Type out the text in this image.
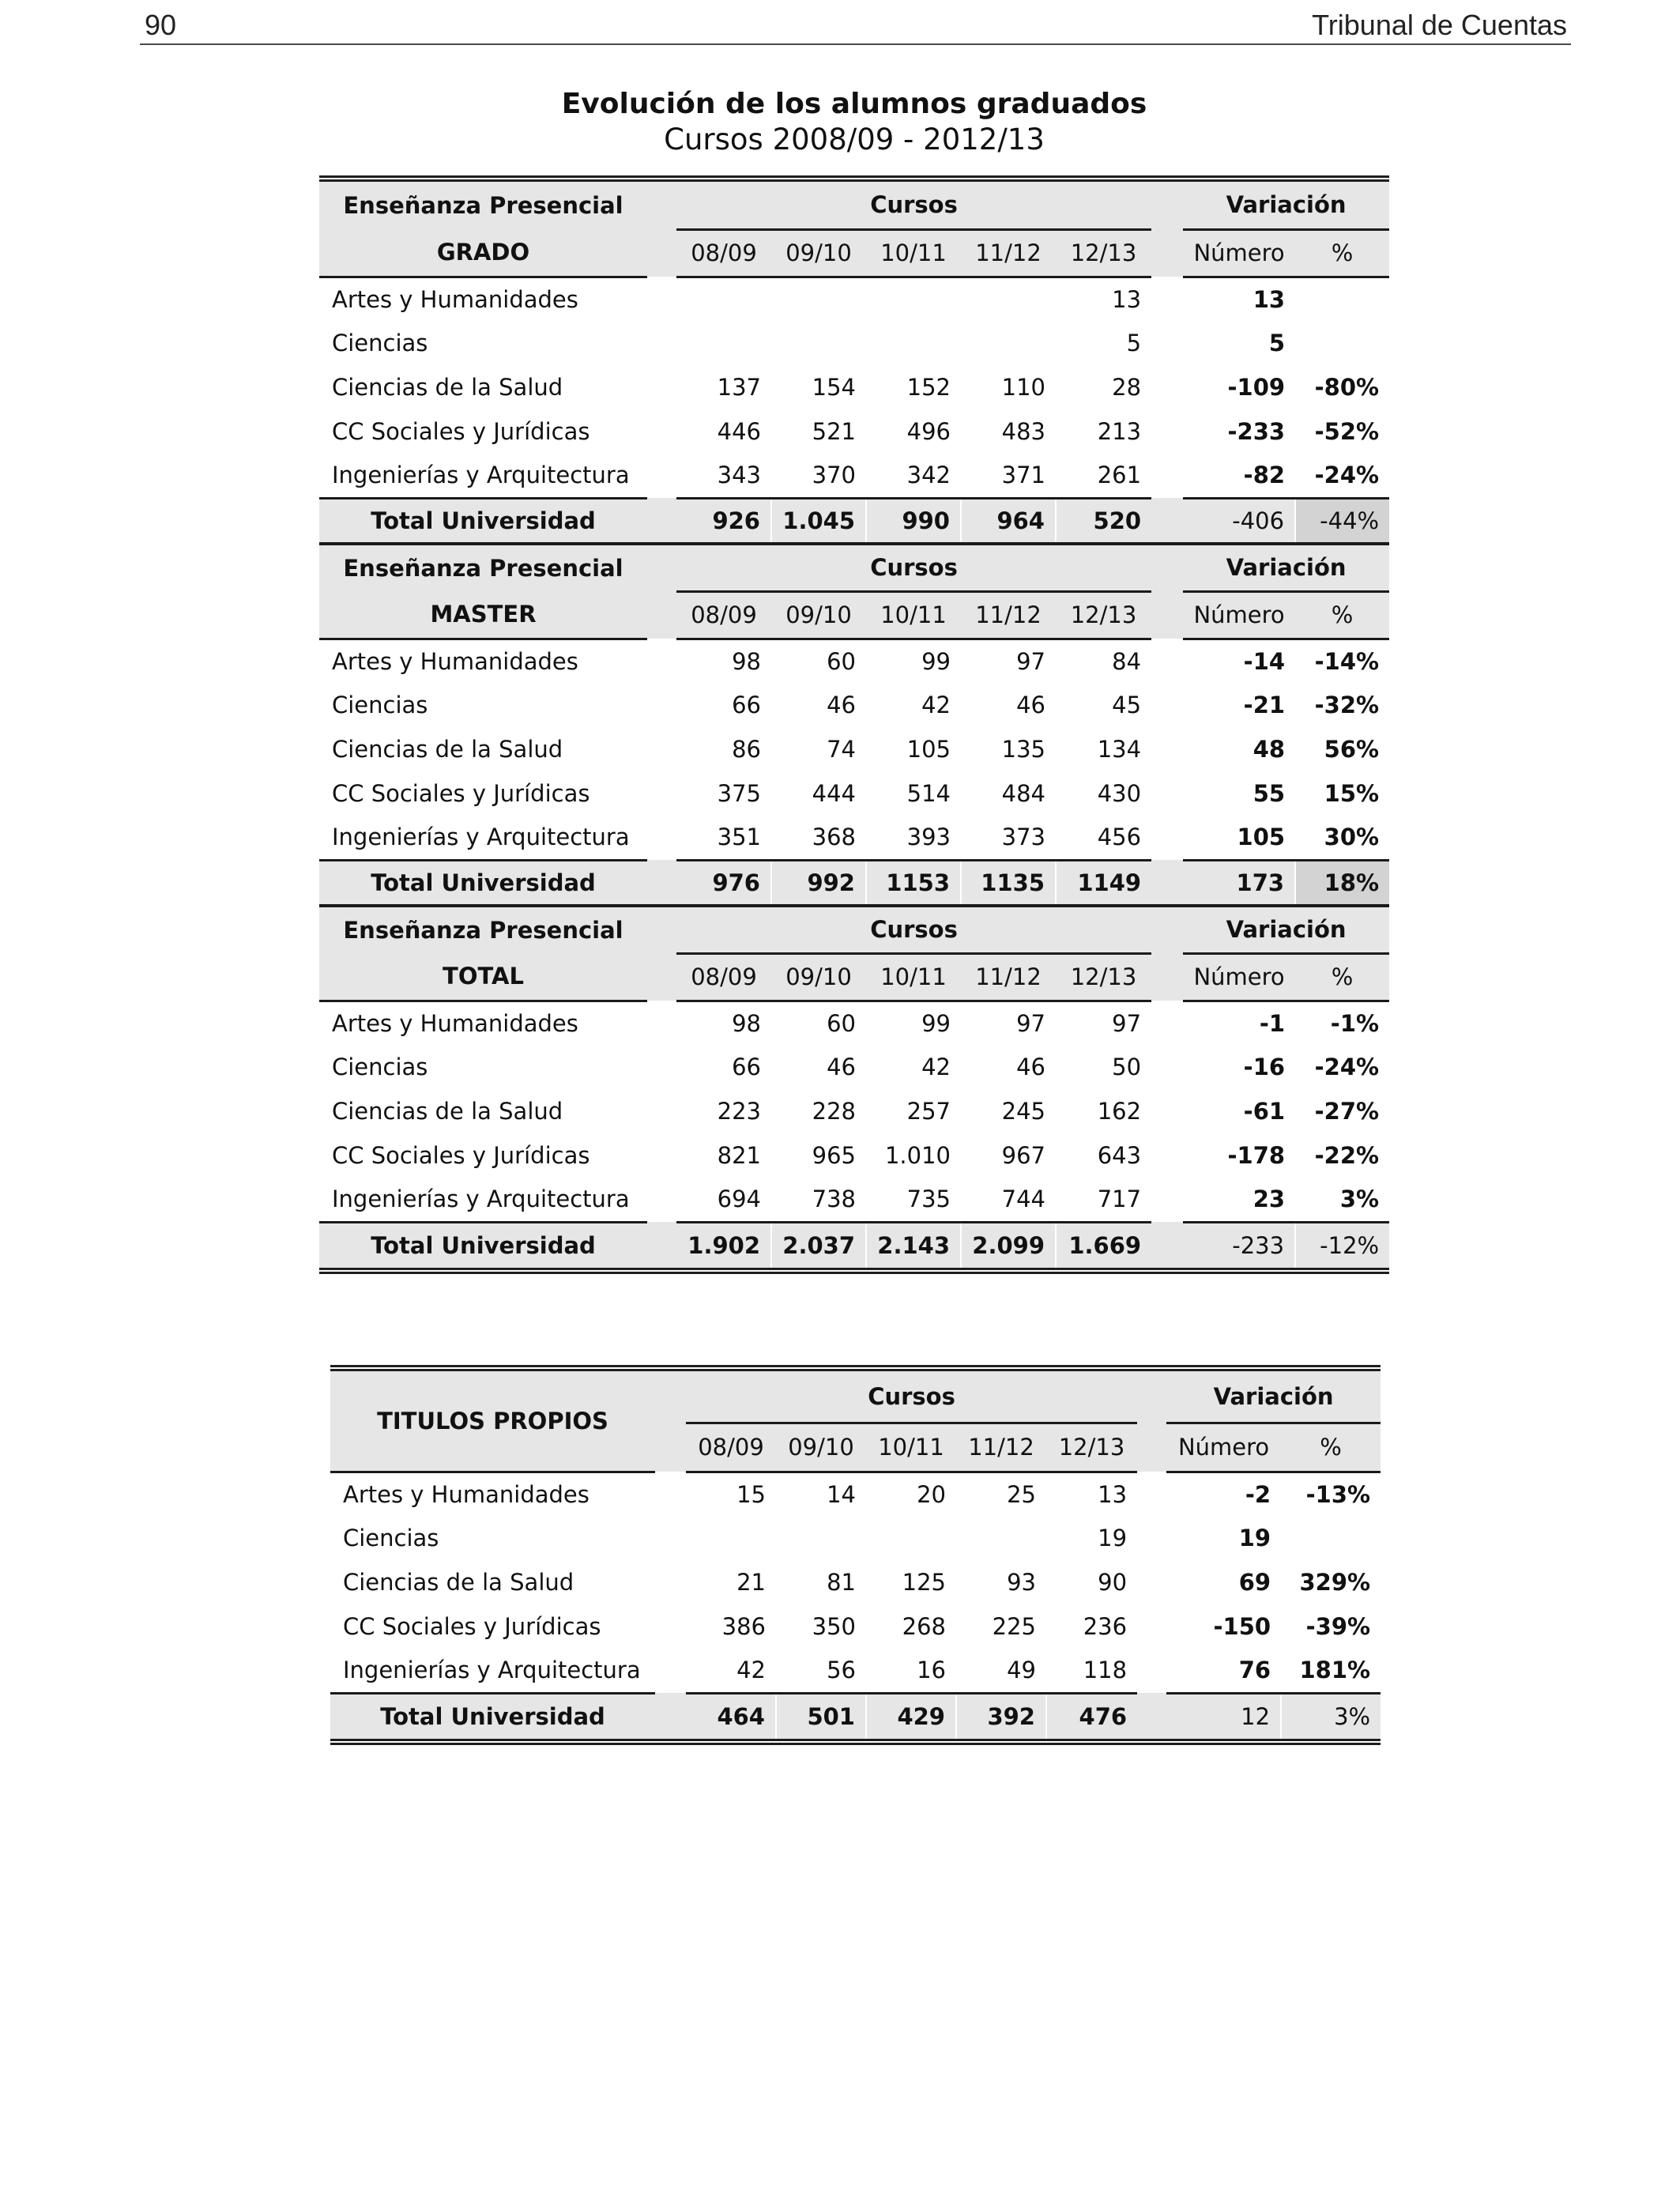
90	Tribunal de Cuentas
Evolución de los alumnos graduados
Cursos 2008/09 - 2012/13
Enseñanza Presencial		Cursos						Variación	
GRADO		08/09	09/10	10/11	11/12	12/13		Número	%
Artes y Humanidades						13		13	
Ciencias						5		5	
Ciencias de la Salud		137	154	152	110	28		-109	-80%
CC Sociales y Jurídicas		446	521	496	483	213		-233	-52%
Ingenierías y Arquitectura		343	370	342	371	261		-82	-24%
Total Universidad		926	1.045	990	964	520		-406	-44%
Enseñanza Presencial		Cursos						Variación	
MASTER		08/09	09/10	10/11	11/12	12/13		Número	%
Artes y Humanidades		98	60	99	97	84		-14	-14%
Ciencias		66	46	42	46	45		-21	-32%
Ciencias de la Salud		86	74	105	135	134		48	56%
CC Sociales y Jurídicas		375	444	514	484	430		55	15%
Ingenierías y Arquitectura		351	368	393	373	456		105	30%
Total Universidad		976	992	1153	1135	1149		173	18%
Enseñanza Presencial		Cursos						Variación	
TOTAL		08/09	09/10	10/11	11/12	12/13		Número	%
Artes y Humanidades		98	60	99	97	97		-1	-1%
Ciencias		66	46	42	46	50		-16	-24%
Ciencias de la Salud		223	228	257	245	162		-61	-27%
CC Sociales y Jurídicas		821	965	1.010	967	643		-178	-22%
Ingenierías y Arquitectura		694	738	735	744	717		23	3%
Total Universidad		1.902	2.037	2.143	2.099	1.669		-233	-12%
TITULOS PROPIOS		Cursos						Variación	
		08/09	09/10	10/11	11/12	12/13		Número	%
Artes y Humanidades		15	14	20	25	13		-2	-13%
Ciencias						19		19	
Ciencias de la Salud		21	81	125	93	90		69	329%
CC Sociales y Jurídicas		386	350	268	225	236		-150	-39%
Ingenierías y Arquitectura		42	56	16	49	118		76	181%
Total Universidad		464	501	429	392	476		12	3%
